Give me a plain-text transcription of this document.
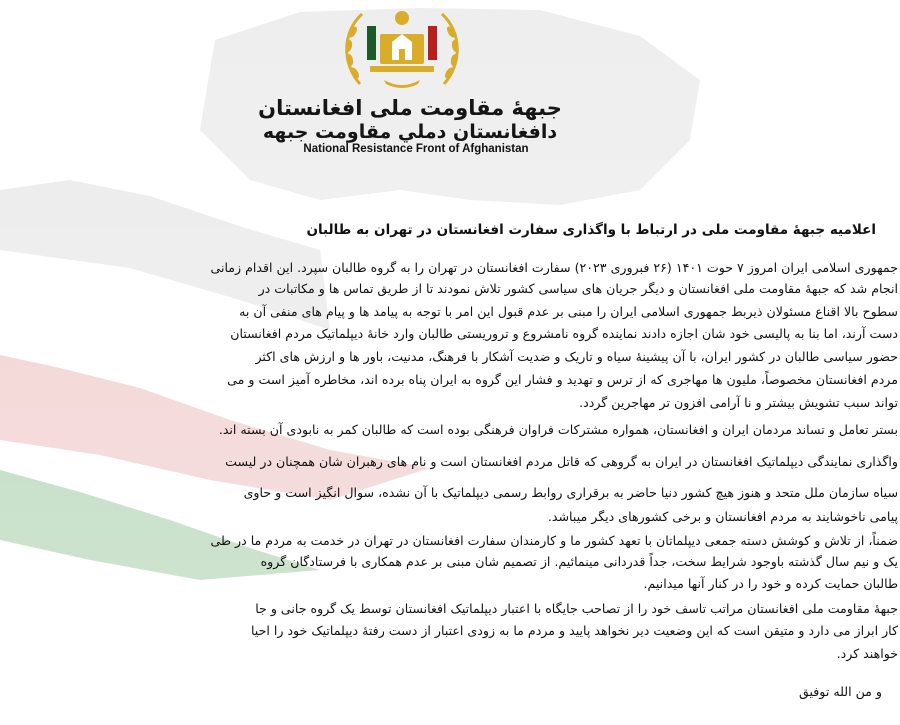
جبههٔ مقاومت ملی افغانستان
دافغانستان دملي مقاومت جبهه
National Resistance Front of Afghanistan
اعلامیه جبههٔ مقاومت ملی در ارتباط با واگذاری سفارت افغانستان در تهران به طالبان
جمهوری اسلامی ایران امروز ۷ حوت ۱۴۰۱ (۲۶ فبروری ۲۰۲۳) سفارت افغانستان در تهران را به گروه طالبان سپرد. این اقدام زمانی
انجام شد که جبههٔ مقاومت ملی افغانستان و دیگر جریان های سیاسی کشور تلاش نمودند تا از طریق تماس ها و مکاتبات در
سطوح بالا اقناع مسئولان ذیربط جمهوری اسلامی ایران را مبنی بر عدم قبول این امر با توجه به پیامد ها و پیام های منفی آن به
دست آرند، اما بنا به پالیسی خود شان اجازه دادند نماینده گروه نامشروع و تروریستی طالبان وارد خانهٔ دیپلماتیک مردم افغانستان
حضور سیاسی طالبان در کشور ایران، با آن پیشینهٔ سیاه و تاریک و ضدیت آشکار با فرهنگ، مدنیت، باور ها و ارزش های اکثر
مردم افغانستان مخصوصاً، ملیون ها مهاجری که از ترس و تهدید و فشار این گروه به ایران پناه برده اند، مخاطره آمیز است و می
تواند سبب تشویش بیشتر و نا آرامی افزون تر مهاجرین گردد.
بستر تعامل و تساند مردمان ایران و افغانستان، همواره مشترکات فراوان فرهنگی بوده است که طالبان کمر به نابودی آن بسته اند.
واگذاری نمایندگی دیپلماتیک افغانستان در ایران به گروهی که قاتل مردم افغانستان است و نام های رهبران شان همچنان در لیست
سیاه سازمان ملل متحد و هنوز هیچ کشور دنیا حاضر به برقراری روابط رسمی دیپلماتیک با آن نشده، سوال انگیز است و حاوی
پیامی ناخوشایند به مردم افغانستان و برخی کشورهای دیگر میباشد.
ضمناً، از تلاش و کوشش دسته جمعی دیپلماتان با تعهد کشور ما و کارمندان سفارت افغانستان در تهران در خدمت به مردم ما در طی
یک و نیم سال گذشته باوجود شرایط سخت، جداً قدردانی مینمائیم. از تصمیم شان مبنی بر عدم همکاری با فرستادگان گروه
طالبان حمایت کرده و خود را در کنار آنها میدانیم.
جبههٔ مقاومت ملی افغانستان مراتب تاسف خود را از تصاحب جایگاه با اعتبار دیپلماتیک افغانستان توسط یک گروه جانی و جا
کار ابراز می دارد و متیقن است که این وضعیت دیر نخواهد پایید و مردم ما به زودی اعتبار از دست رفتهٔ دیپلماتیک خود را احیا
خواهند کرد.
و من الله توفیق
